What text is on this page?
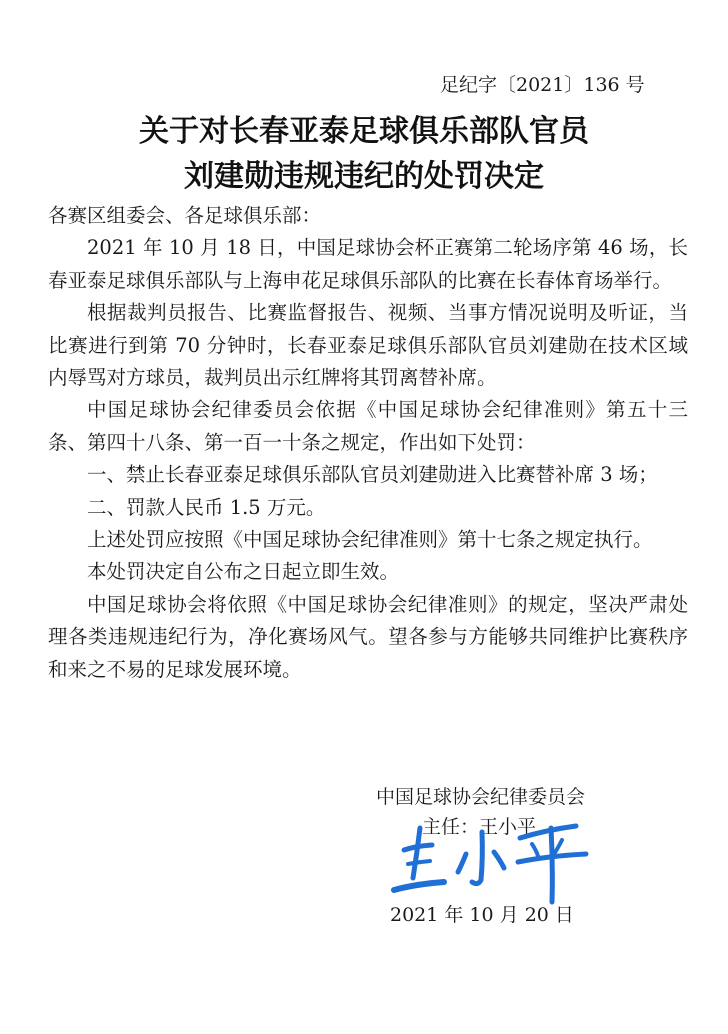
足纪字〔2021〕136 号
关于对长春亚泰足球俱乐部队官员
刘建勋违规违纪的处罚决定

各赛区组委会、各足球俱乐部：

2021 年 10 月 18 日，中国足球协会杯正赛第二轮场序第 46 场，长春亚泰足球俱乐部队与上海申花足球俱乐部队的比赛在长春体育场举行。

根据裁判员报告、比赛监督报告、视频、当事方情况说明及听证，当比赛进行到第 70 分钟时，长春亚泰足球俱乐部队官员刘建勋在技术区域内辱骂对方球员，裁判员出示红牌将其罚离替补席。

中国足球协会纪律委员会依据《中国足球协会纪律准则》第五十三条、第四十八条、第一百一十条之规定，作出如下处罚：

一、禁止长春亚泰足球俱乐部队官员刘建勋进入比赛替补席 3 场；

二、罚款人民币 1.5 万元。

上述处罚应按照《中国足球协会纪律准则》第十七条之规定执行。

本处罚决定自公布之日起立即生效。

中国足球协会将依照《中国足球协会纪律准则》的规定，坚决严肃处理各类违规违纪行为，净化赛场风气。望各参与方能够共同维护比赛秩序和来之不易的足球发展环境。

中国足球协会纪律委员会
主任：王小平
2021 年 10 月 20 日
